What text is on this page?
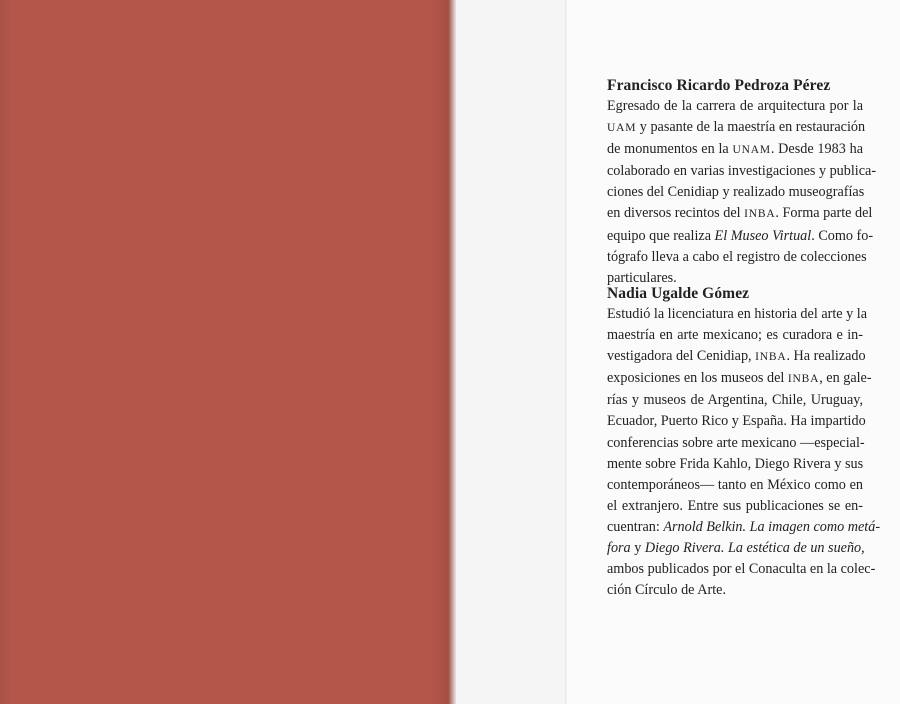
Francisco Ricardo Pedroza Pérez
Egresado de la carrera de arquitectura por la
UAM y pasante de la maestría en restauración
de monumentos en la UNAM. Desde 1983 ha
colaborado en varias investigaciones y publica-
ciones del Cenidiap y realizado museografías
en diversos recintos del INBA. Forma parte del
equipo que realiza El Museo Virtual. Como fo-
tógrafo lleva a cabo el registro de colecciones
particulares.
Nadia Ugalde Gómez
Estudió la licenciatura en historia del arte y la
maestría en arte mexicano; es curadora e in-
vestigadora del Cenidiap, INBA. Ha realizado
exposiciones en los museos del INBA, en gale-
rías y museos de Argentina, Chile, Uruguay,
Ecuador, Puerto Rico y España. Ha impartido
conferencias sobre arte mexicano —especial-
mente sobre Frida Kahlo, Diego Rivera y sus
contemporáneos— tanto en México como en
el extranjero. Entre sus publicaciones se en-
cuentran: Arnold Belkin. La imagen como metá-
fora y Diego Rivera. La estética de un sueño,
ambos publicados por el Conaculta en la colec-
ción Círculo de Arte.
